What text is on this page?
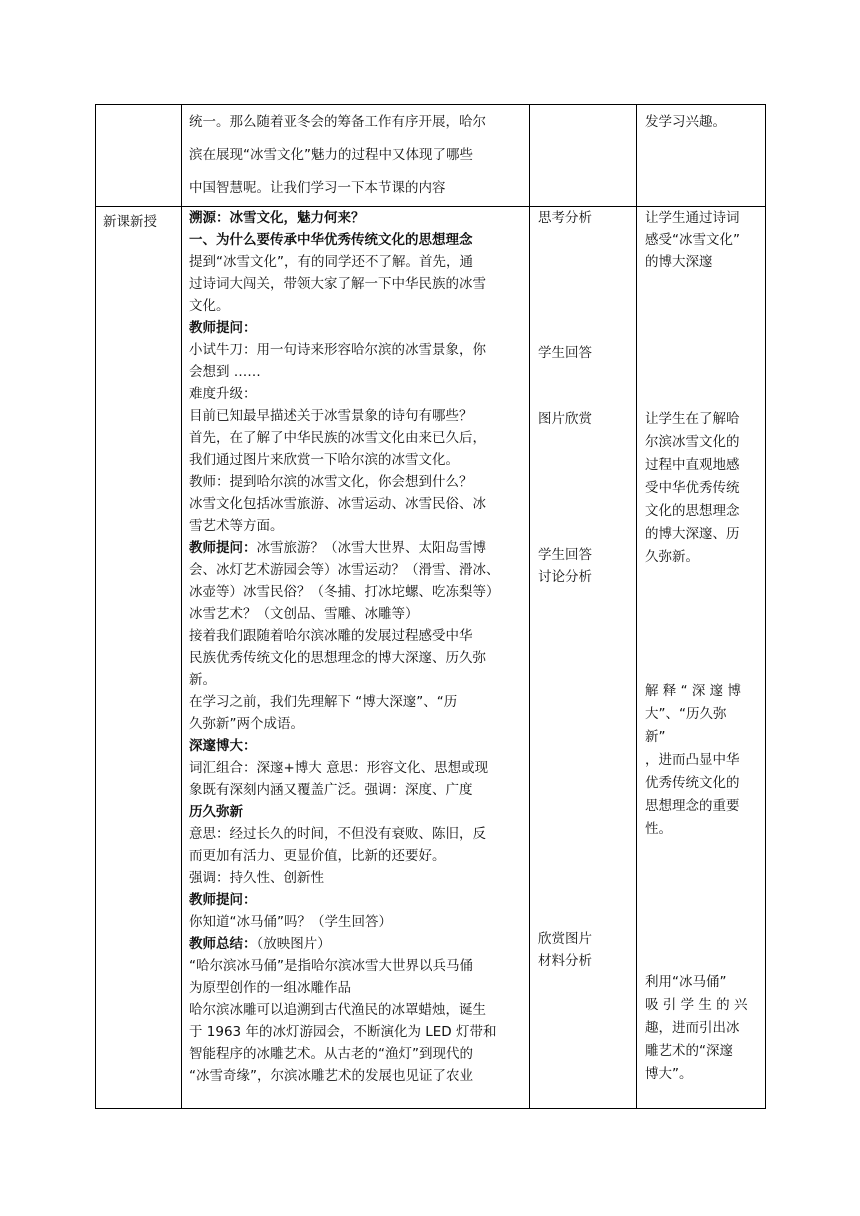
统一。那么随着亚冬会的筹备工作有序开展，哈尔
滨在展现“冰雪文化”魅力的过程中又体现了哪些
中国智慧呢。让我们学习一下本节课的内容
发学习兴趣。
新课新授 溯源：冰雪文化，魅力何来？
一、为什么要传承中华优秀传统文化的思想理念
提到“冰雪文化”，有的同学还不了解。首先，通
过诗词大闯关，带领大家了解一下中华民族的冰雪
文化。
教师提问：
小试牛刀：用一句诗来形容哈尔滨的冰雪景象，你
会想到 ……
难度升级：
目前已知最早描述关于冰雪景象的诗句有哪些？
首先，在了解了中华民族的冰雪文化由来已久后，
我们通过图片来欣赏一下哈尔滨的冰雪文化。
教师：提到哈尔滨的冰雪文化，你会想到什么？
冰雪文化包括冰雪旅游、冰雪运动、冰雪民俗、冰
雪艺术等方面。
教师提问：冰雪旅游？（冰雪大世界、太阳岛雪博
会、冰灯艺术游园会等）冰雪运动？（滑雪、滑冰、
冰壶等）冰雪民俗？（冬捕、打冰坨螺、吃冻梨等）
冰雪艺术？（文创品、雪雕、冰雕等）
接着我们跟随着哈尔滨冰雕的发展过程感受中华
民族优秀传统文化的思想理念的博大深邃、历久弥
新。
在学习之前，我们先理解下 “博大深邃”、“历
久弥新”两个成语。
深邃博大：
词汇组合：深邃+博大 意思：形容文化、思想或现
象既有深刻内涵又覆盖广泛。强调：深度、广度
历久弥新
意思：经过长久的时间，不但没有衰败、陈旧，反
而更加有活力、更显价值，比新的还要好。
强调：持久性、创新性
教师提问：
你知道“冰马俑”吗？（学生回答）
教师总结：（放映图片）
“哈尔滨冰马俑”是指哈尔滨冰雪大世界以兵马俑
为原型创作的一组冰雕作品
哈尔滨冰雕可以追溯到古代渔民的冰罩蜡烛，诞生
于 1963 年的冰灯游园会，不断演化为 LED 灯带和
智能程序的冰雕艺术。从古老的“渔灯”到现代的
“冰雪奇缘”，尔滨冰雕艺术的发展也见证了农业
思考分析
学生回答
图片欣赏
学生回答
讨论分析
欣赏图片
材料分析
让学生通过诗词
感受“冰雪文化”
的博大深邃
让学生在了解哈
尔滨冰雪文化的
过程中直观地感
受中华优秀传统
文化的思想理念
的博大深邃、历
久弥新。
解 释 “ 深 邃 博
大”、“历久弥
新”
，进而凸显中华
优秀传统文化的
思想理念的重要
性。
利用“冰马俑”
吸 引 学 生 的 兴
趣，进而引出冰
雕艺术的“深邃
博大”。
